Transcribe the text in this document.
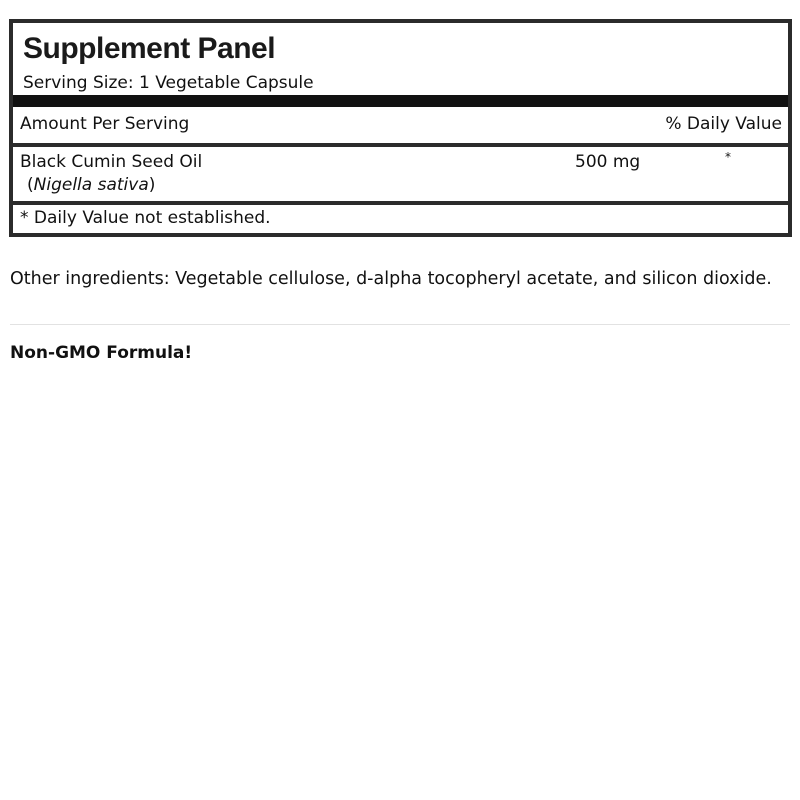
Supplement Panel
Serving Size: 1 Vegetable Capsule
Amount Per Serving	% Daily Value
Black Cumin Seed Oil
(Nigella sativa)
500 mg	*
* Daily Value not established.

Other ingredients: Vegetable cellulose, d-alpha tocopheryl acetate, and silicon dioxide.

Non-GMO Formula!
